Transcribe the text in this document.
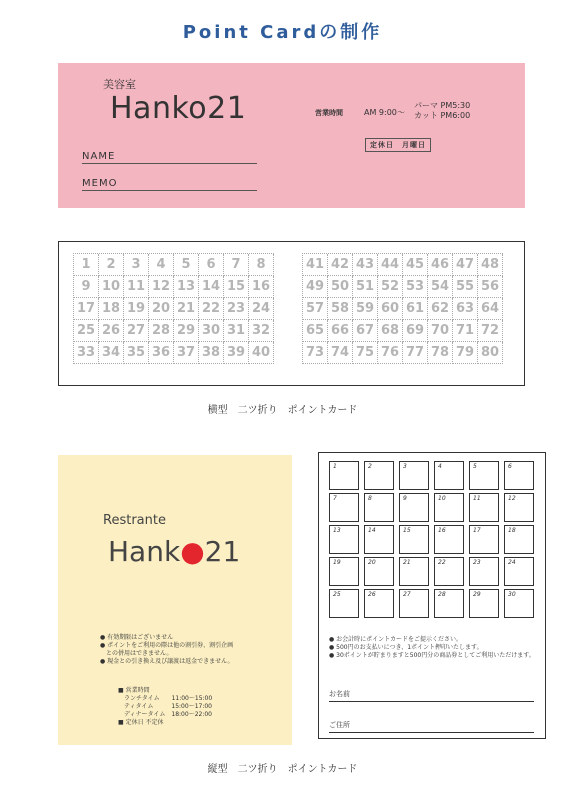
Point Cardの制作
美容室
Hanko21
NAME
MEMO
営業時間	AM 9:00〜
パーマ PM5:30
カット PM6:00
定休日　月曜日
1	2	3	4	5	6	7	8
9 10 11 12 13 14 15 16
17 18 19 20 21 22 23 24
25 26 27 28 29 30 31 32
33 34 35 36 37 38 39 40
41 42 43 44 45 46 47 48
49 50 51 52 53 54 55 56
57 58 59 60 61 62 63 64
65 66 67 68 69 70 71 72
73 74 75 76 77 78 79 80
横型　二ツ折り　ポイントカード
Restrante
Hank●21
● 有効期限はございません
● ポイントをご利用の際は他の割引券、割引企画
　との併用はできません。
● 現金との引き換え及び譲渡は返金できません。
■ 営業時間
　ランチタイム　　11:00〜15:00
　ティタイム　　　15:00〜17:00
　ディナータイム　18:00〜22:00
■ 定休日 不定休
1	2	3	4	5	6
7	8	9	10	11	12
13	14	15	16	17	18
19	20	21	22	23	24
25	26	27	28	29	30
● お会計時にポイントカードをご提示ください。
● 500円のお支払いにつき、1ポイント押印いたします。
● 30ポイントが貯まりますと500円分の商品券としてご利用いただけます。
お名前
ご住所
縦型　二ツ折り　ポイントカード
